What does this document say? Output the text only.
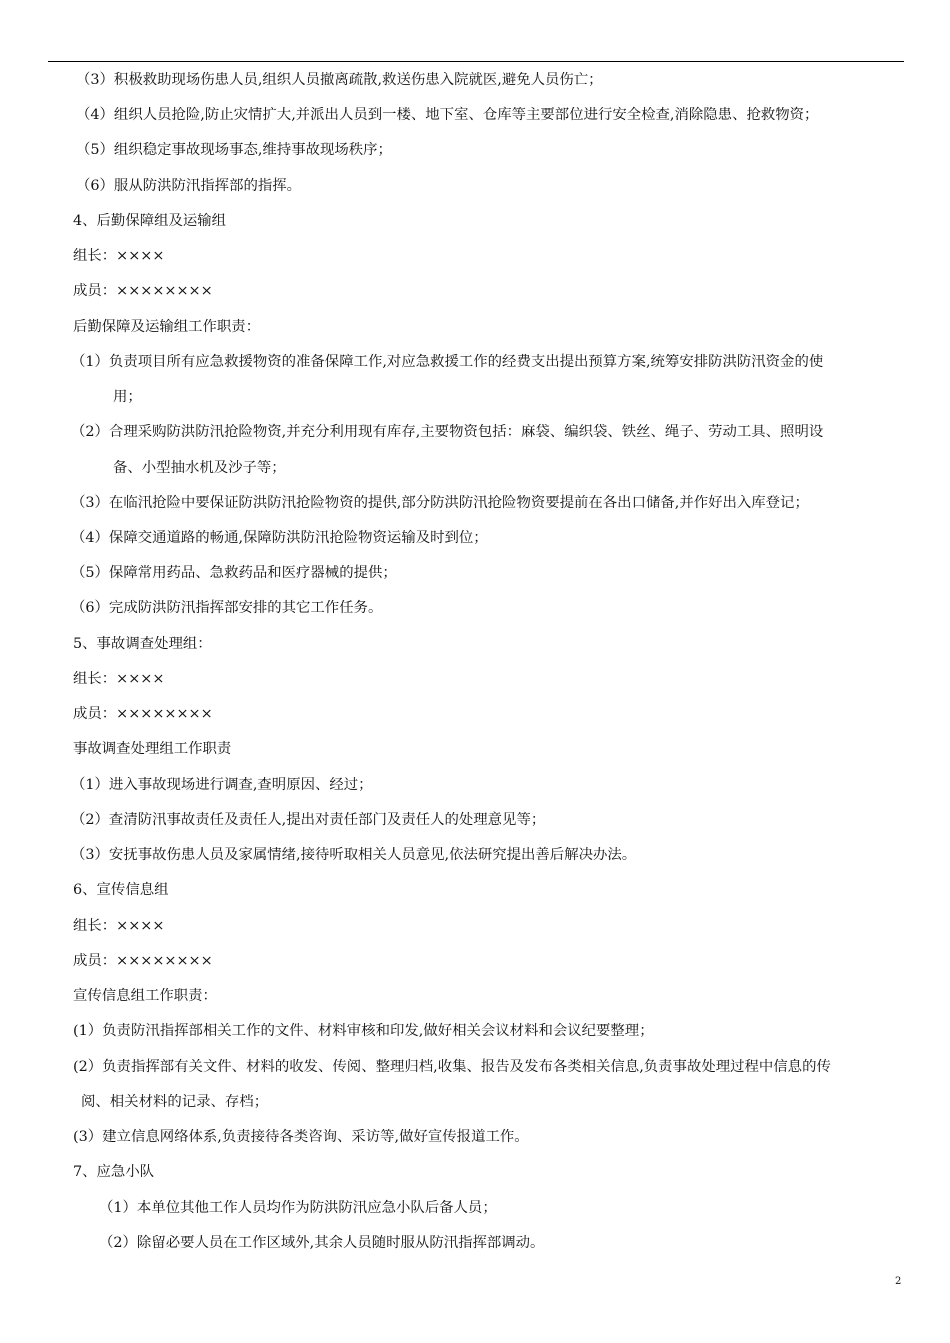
（3）积极救助现场伤患人员,组织人员撤离疏散,救送伤患入院就医,避免人员伤亡；
（4）组织人员抢险,防止灾情扩大,并派出人员到一楼、地下室、仓库等主要部位进行安全检查,消除隐患、抢救物资；
（5）组织稳定事故现场事态,维持事故现场秩序；
（6）服从防洪防汛指挥部的指挥。
4、后勤保障组及运输组
组长：××××
成员：××××××××
后勤保障及运输组工作职责：
（1）负责项目所有应急救援物资的准备保障工作,对应急救援工作的经费支出提出预算方案,统筹安排防洪防汛资金的使
用；
（2）合理采购防洪防汛抢险物资,并充分利用现有库存,主要物资包括：麻袋、编织袋、铁丝、绳子、劳动工具、照明设
备、小型抽水机及沙子等；
（3）在临汛抢险中要保证防洪防汛抢险物资的提供,部分防洪防汛抢险物资要提前在各出口储备,并作好出入库登记；
（4）保障交通道路的畅通,保障防洪防汛抢险物资运输及时到位；
（5）保障常用药品、急救药品和医疗器械的提供；
（6）完成防洪防汛指挥部安排的其它工作任务。
5、事故调查处理组：
组长：××××
成员：××××××××
事故调查处理组工作职责
（1）进入事故现场进行调查,查明原因、经过；
（2）查清防汛事故责任及责任人,提出对责任部门及责任人的处理意见等；
（3）安抚事故伤患人员及家属情绪,接待听取相关人员意见,依法研究提出善后解决办法。
6、宣传信息组
组长：××××
成员：××××××××
宣传信息组工作职责：
(1）负责防汛指挥部相关工作的文件、材料审核和印发,做好相关会议材料和会议纪要整理；
(2）负责指挥部有关文件、材料的收发、传阅、整理归档,收集、报告及发布各类相关信息,负责事故处理过程中信息的传
阅、相关材料的记录、存档；
(3）建立信息网络体系,负责接待各类咨询、采访等,做好宣传报道工作。
7、应急小队
（1）本单位其他工作人员均作为防洪防汛应急小队后备人员；
（2）除留必要人员在工作区域外,其余人员随时服从防汛指挥部调动。
2
